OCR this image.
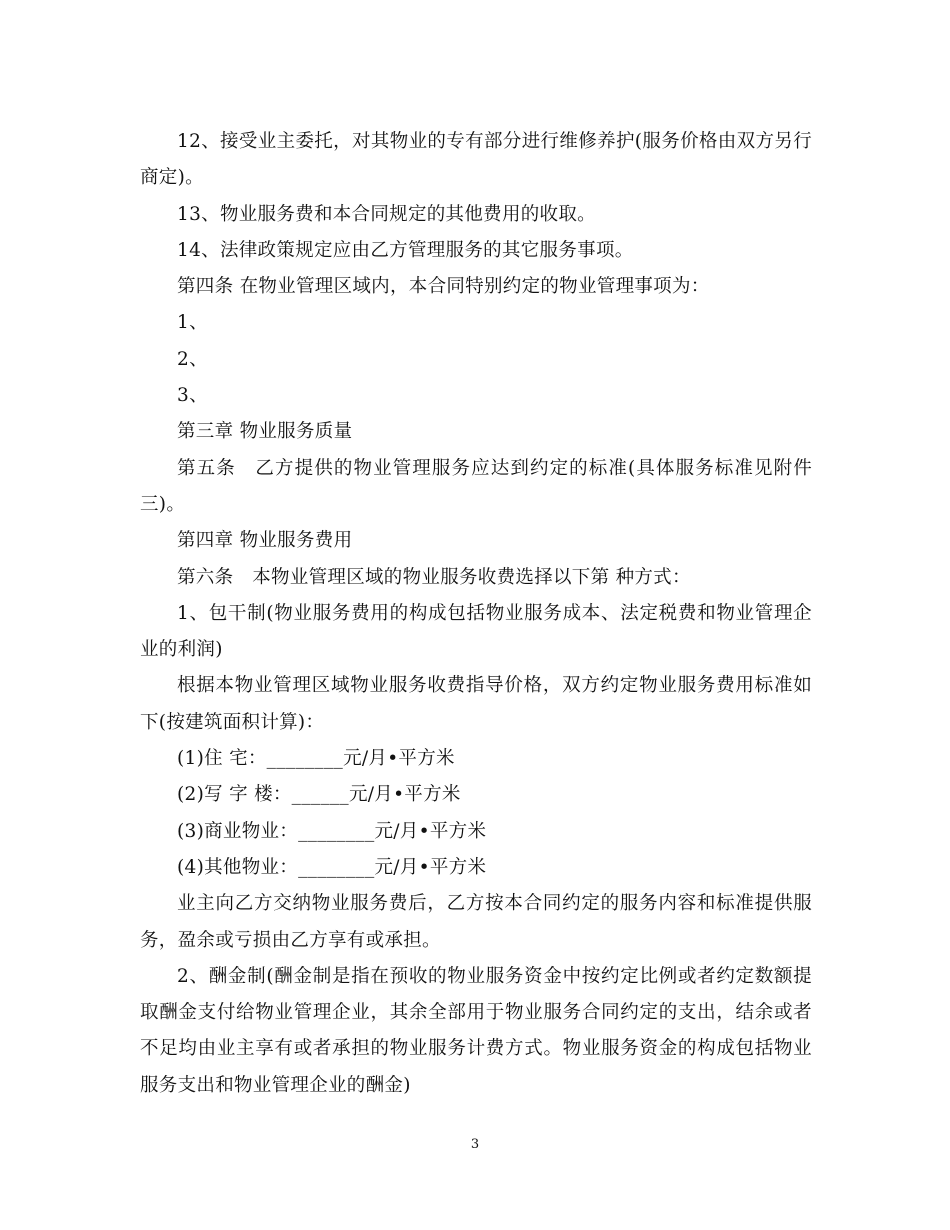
12、接受业主委托，对其物业的专有部分进行维修养护(服务价格由双方另行商定)。

13、物业服务费和本合同规定的其他费用的收取。

14、法律政策规定应由乙方管理服务的其它服务事项。

第四条 在物业管理区域内，本合同特别约定的物业管理事项为：

1、

2、

3、

第三章 物业服务质量

第五条　乙方提供的物业管理服务应达到约定的标准(具体服务标准见附件三)。

第四章 物业服务费用

第六条　本物业管理区域的物业服务收费选择以下第 种方式：

1、包干制(物业服务费用的构成包括物业服务成本、法定税费和物业管理企业的利润)

根据本物业管理区域物业服务收费指导价格，双方约定物业服务费用标准如下(按建筑面积计算)：

(1)住 宅：________元/月•平方米

(2)写 字 楼：______元/月•平方米

(3)商业物业：________元/月•平方米

(4)其他物业：________元/月•平方米

业主向乙方交纳物业服务费后，乙方按本合同约定的服务内容和标准提供服务，盈余或亏损由乙方享有或承担。

2、酬金制(酬金制是指在预收的物业服务资金中按约定比例或者约定数额提取酬金支付给物业管理企业，其余全部用于物业服务合同约定的支出，结余或者不足均由业主享有或者承担的物业服务计费方式。物业服务资金的构成包括物业服务支出和物业管理企业的酬金)

3
